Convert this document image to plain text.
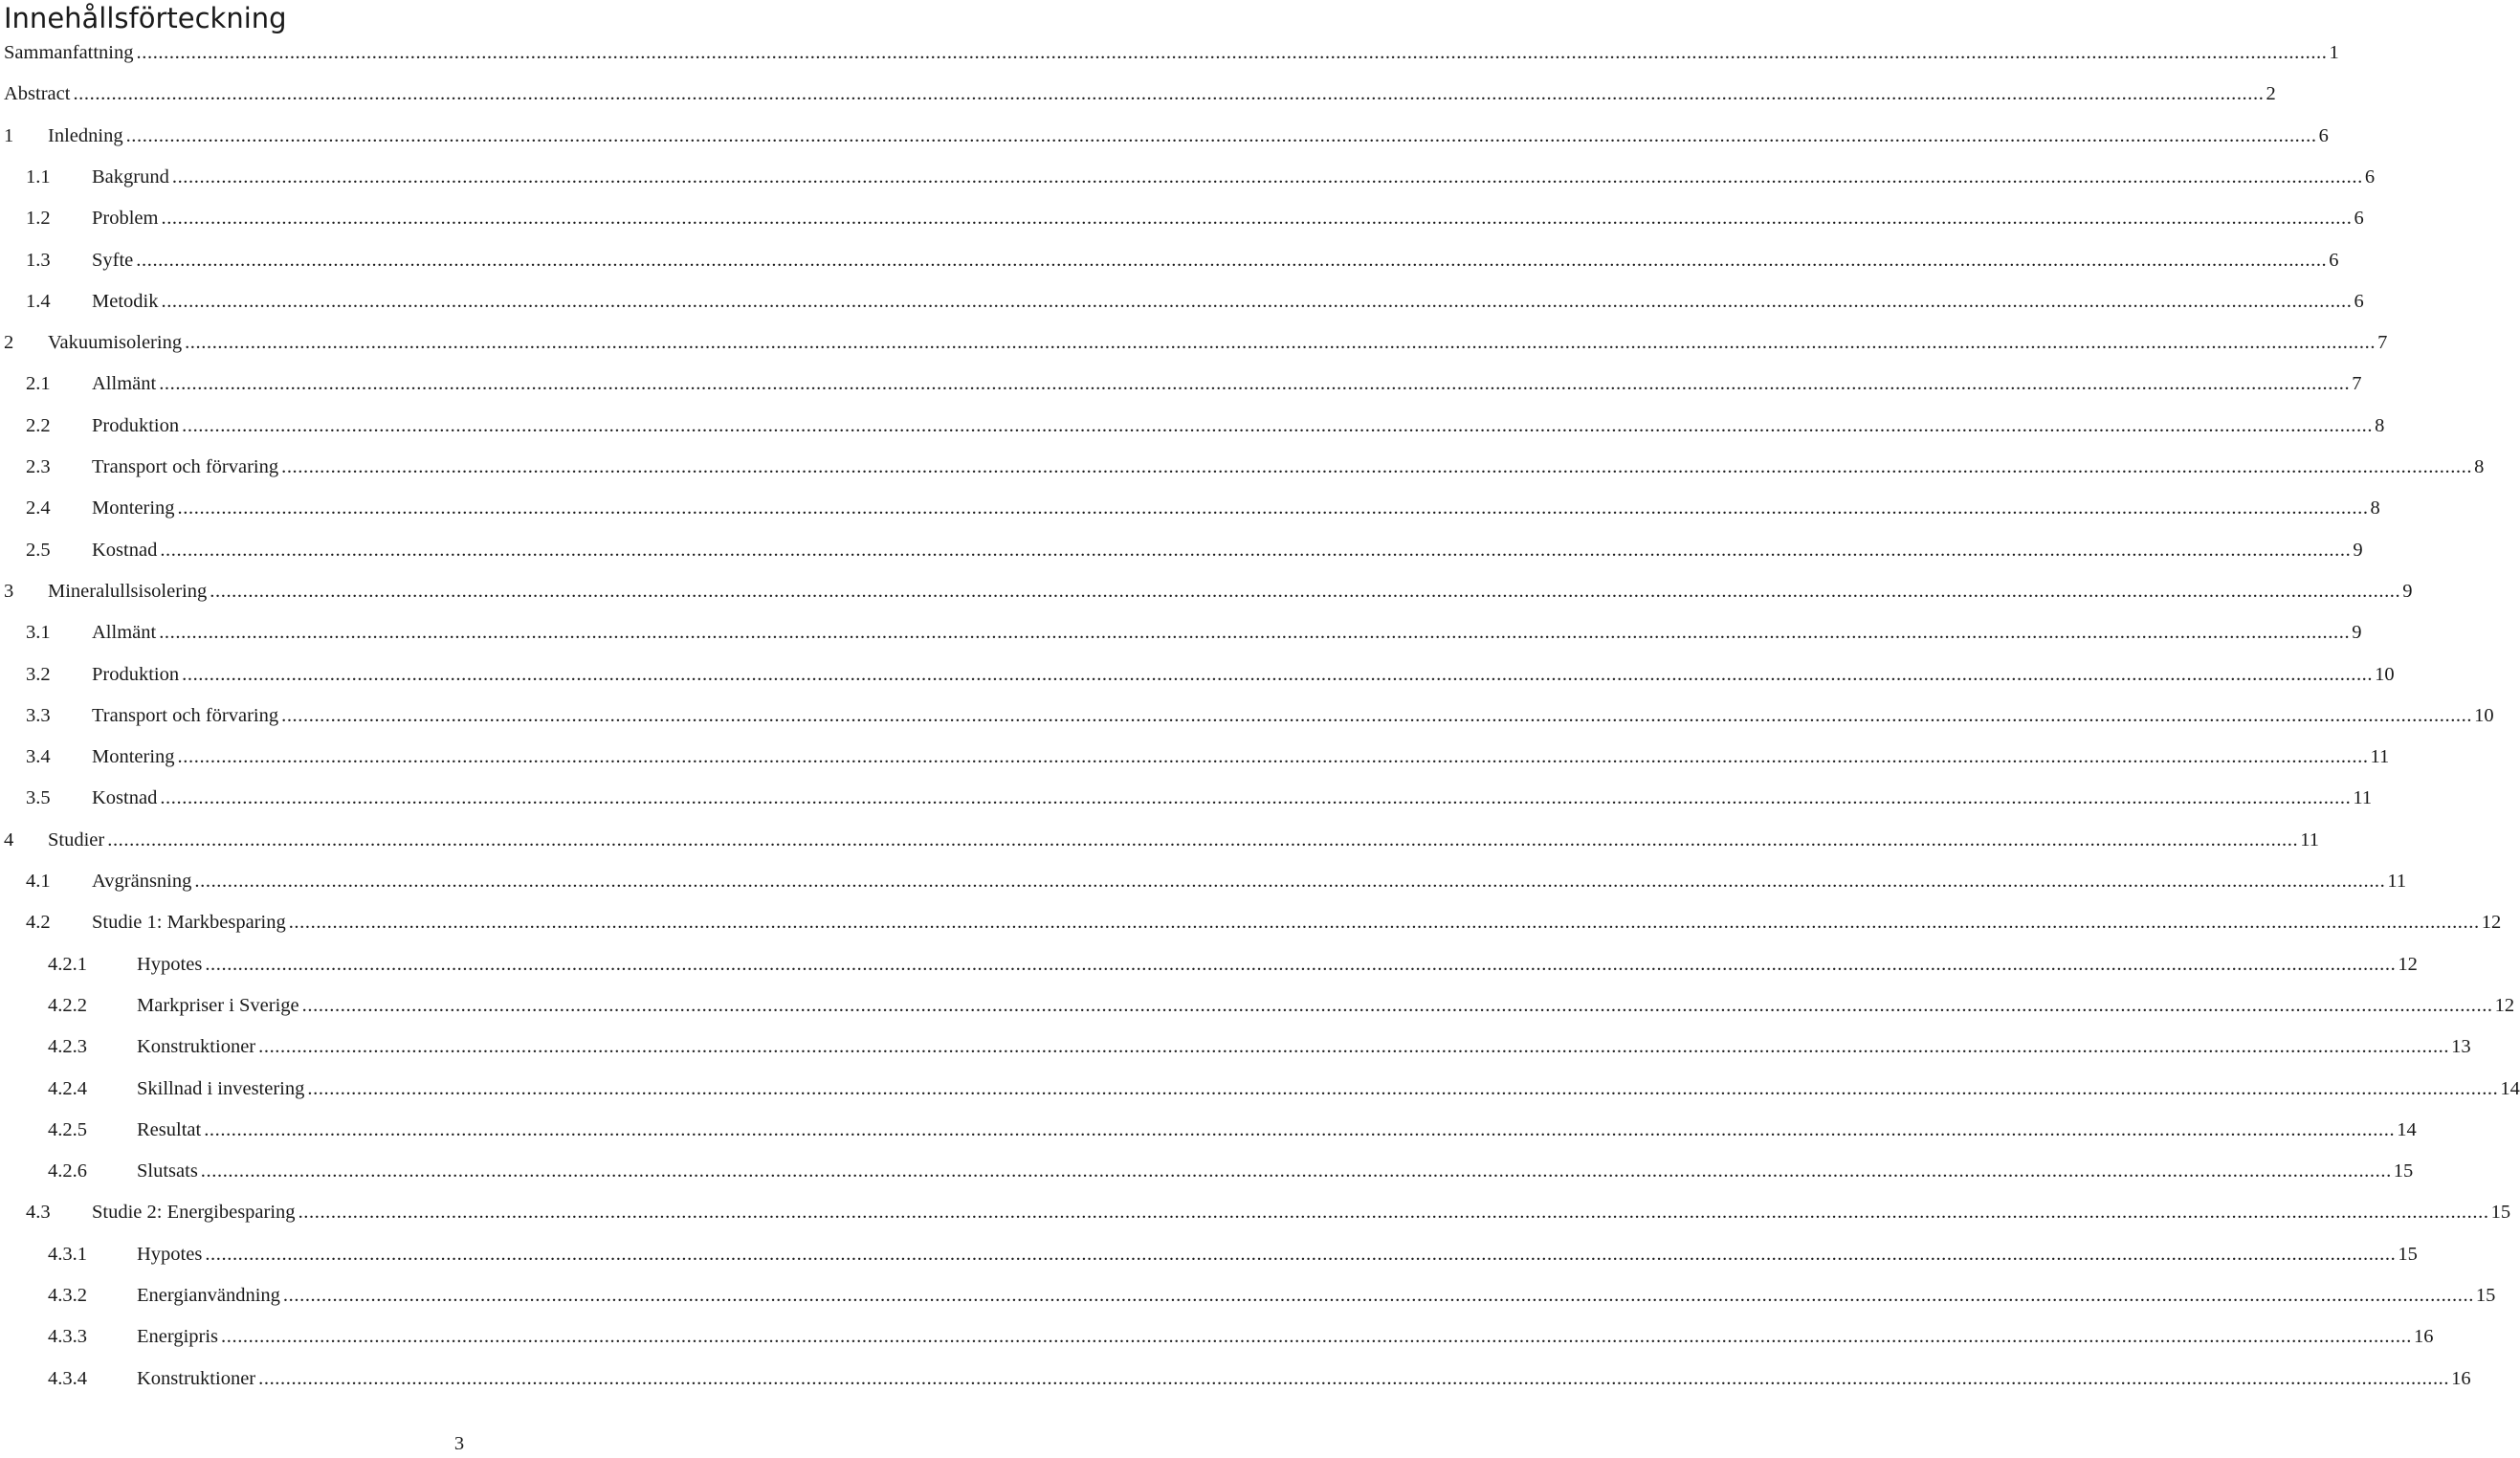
Innehållsförteckning
Sammanfattning ................................................................................................................................................................................................................................................................................................................................................................................................................ 1
Abstract ................................................................................................................................................................................................................................................................................................................................................................................................................ 2
1 Inledning ................................................................................................................................................................................................................................................................................................................................................................................................................ 6
1.1 Bakgrund ................................................................................................................................................................................................................................................................................................................................................................................................................ 6
1.2 Problem ................................................................................................................................................................................................................................................................................................................................................................................................................ 6
1.3 Syfte ................................................................................................................................................................................................................................................................................................................................................................................................................ 6
1.4 Metodik ................................................................................................................................................................................................................................................................................................................................................................................................................ 6
2 Vakuumisolering ................................................................................................................................................................................................................................................................................................................................................................................................................ 7
2.1 Allmänt ................................................................................................................................................................................................................................................................................................................................................................................................................ 7
2.2 Produktion ................................................................................................................................................................................................................................................................................................................................................................................................................ 8
2.3 Transport och förvaring ................................................................................................................................................................................................................................................................................................................................................................................................................ 8
2.4 Montering ................................................................................................................................................................................................................................................................................................................................................................................................................ 8
2.5 Kostnad ................................................................................................................................................................................................................................................................................................................................................................................................................ 9
3 Mineralullsisolering ................................................................................................................................................................................................................................................................................................................................................................................................................ 9
3.1 Allmänt ................................................................................................................................................................................................................................................................................................................................................................................................................ 9
3.2 Produktion ................................................................................................................................................................................................................................................................................................................................................................................................................ 10
3.3 Transport och förvaring ................................................................................................................................................................................................................................................................................................................................................................................................................ 10
3.4 Montering ................................................................................................................................................................................................................................................................................................................................................................................................................ 11
3.5 Kostnad ................................................................................................................................................................................................................................................................................................................................................................................................................ 11
4 Studier ................................................................................................................................................................................................................................................................................................................................................................................................................ 11
4.1 Avgränsning ................................................................................................................................................................................................................................................................................................................................................................................................................ 11
4.2 Studie 1: Markbesparing ................................................................................................................................................................................................................................................................................................................................................................................................................ 12
4.2.1	Hypotes ................................................................................................................................................................................................................................................................................................................................................................................................................ 12
4.2.2	Markpriser i Sverige ................................................................................................................................................................................................................................................................................................................................................................................................................ 12
4.2.3	Konstruktioner ................................................................................................................................................................................................................................................................................................................................................................................................................ 13
4.2.4	Skillnad i investering ................................................................................................................................................................................................................................................................................................................................................................................................................ 14
4.2.5	Resultat ................................................................................................................................................................................................................................................................................................................................................................................................................ 14
4.2.6	Slutsats ................................................................................................................................................................................................................................................................................................................................................................................................................ 15
4.3 Studie 2: Energibesparing ................................................................................................................................................................................................................................................................................................................................................................................................................ 15
4.3.1	Hypotes ................................................................................................................................................................................................................................................................................................................................................................................................................ 15
4.3.2	Energianvändning ................................................................................................................................................................................................................................................................................................................................................................................................................ 15
4.3.3	Energipris ................................................................................................................................................................................................................................................................................................................................................................................................................ 16
4.3.4	Konstruktioner ................................................................................................................................................................................................................................................................................................................................................................................................................ 16
3
